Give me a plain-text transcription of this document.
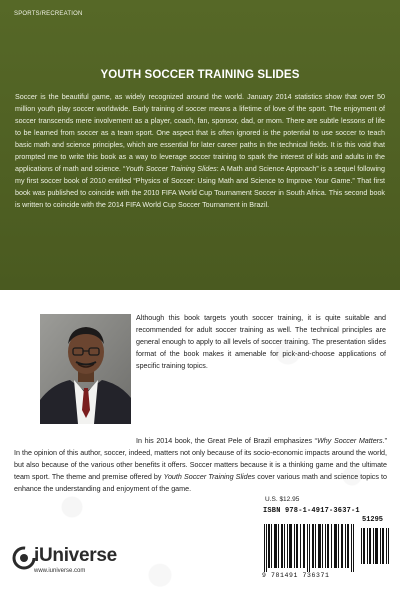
SPORTS/RECREATION
YOUTH SOCCER TRAINING SLIDES
Soccer is the beautiful game, as widely recognized around the world. January 2014 statistics show that over 50 million youth play soccer worldwide. Early training of soccer means a lifetime of love of the sport. The enjoyment of soccer transcends mere involvement as a player, coach, fan, sponsor, dad, or mom. There are subtle lessons of life to be learned from soccer as a team sport. One aspect that is often ignored is the potential to use soccer to teach basic math and science principles, which are essential for later career paths in the technical fields. It is this void that prompted me to write this book as a way to leverage soccer training to spark the interest of kids and adults in the applications of math and science. “Youth Soccer Training Slides: A Math and Science Approach” is a sequel following my first soccer book of 2010 entitled “Physics of Soccer: Using Math and Science to Improve Your Game.” That first book was published to coincide with the 2010 FIFA World Cup Tournament Soccer in South Africa. This second book is written to coincide with the 2014 FIFA World Cup Soccer Tournament in Brazil.
Although this book targets youth soccer training, it is quite suitable and recommended for adult soccer training as well. The technical principles are general enough to apply to all levels of soccer training. The presentation slides format of the book makes it amenable for pick-and-choose applications of specific training topics.
In his 2014 book, the Great Pele of Brazil emphasizes “Why Soccer Matters.” In the opinion of this author, soccer, indeed, matters not only because of its socio-economic impacts around the world, but also because of the various other benefits it offers. Soccer matters because it is a thinking game and the ultimate team sport. The theme and premise offered by Youth Soccer Training Slides cover various math and science topics to enhance the understanding and enjoyment of the game.
iUniverse
www.iuniverse.com
U.S. $12.95
ISBN 978-1-4917-3637-1
51295
9 781491 736371
